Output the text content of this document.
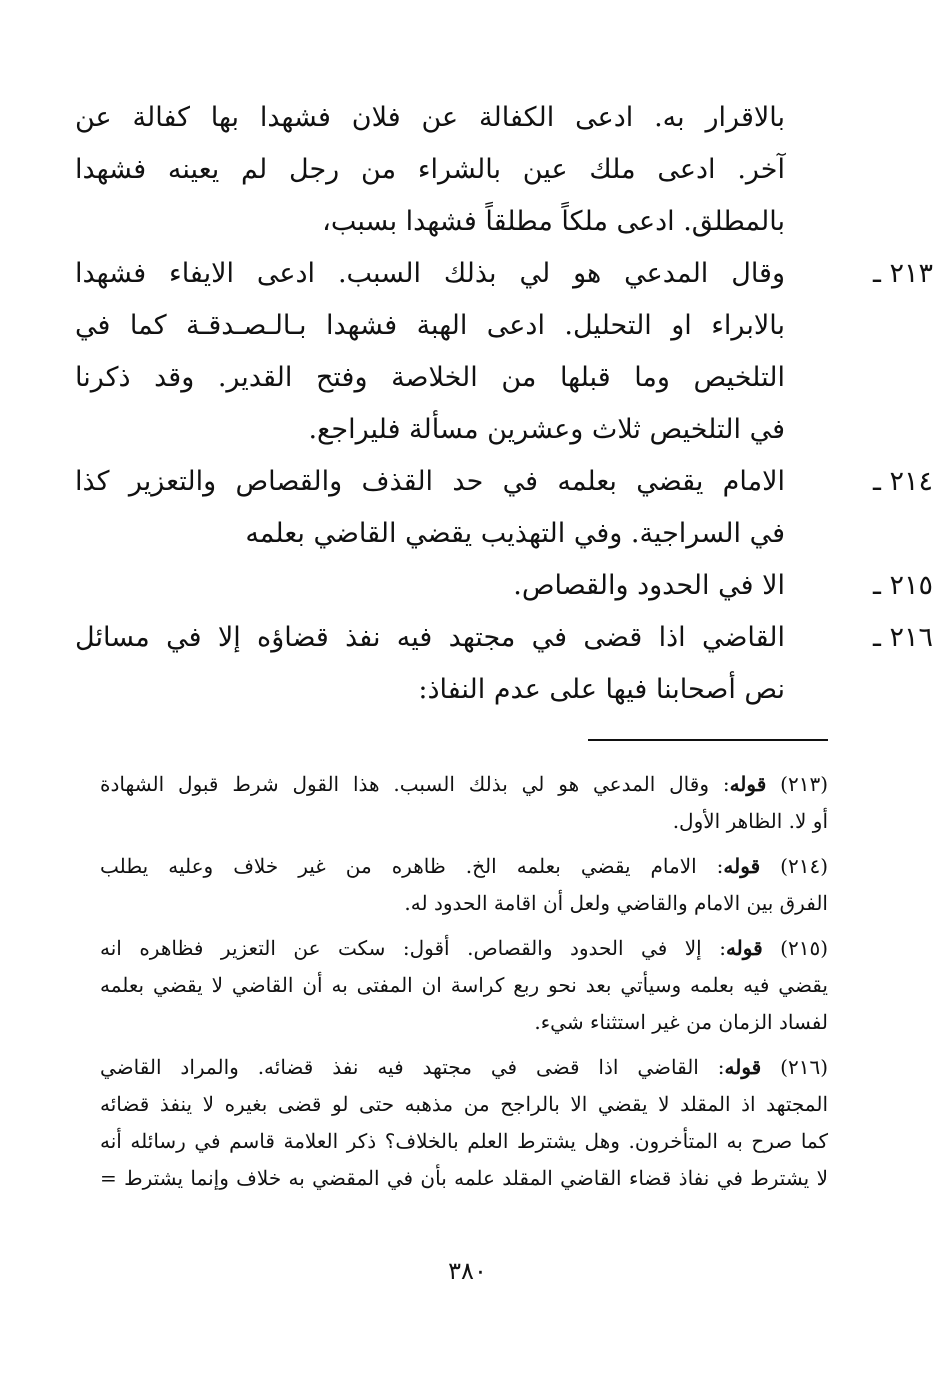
بالاقرار به. ادعى الكفالة عن فلان فشهدا بها كفالة عن
آخر. ادعى ملك عين بالشراء من رجل لم يعينه فشهدا
بالمطلق. ادعى ملكاً مطلقاً فشهدا بسبب،
٢١٣ ـ
وقال المدعي هو لي بذلك السبب. ادعى الايفاء فشهدا
بالابراء او التحليل. ادعى الهبة فشهدا بـالـصـدقـة كما في
التلخيص وما قبلها من الخلاصة وفتح القدير. وقد ذكرنا
في التلخيص ثلاث وعشرين مسألة فليراجع.
٢١٤ ـ
الامام يقضي بعلمه في حد القذف والقصاص والتعزير كذا
في السراجية. وفي التهذيب يقضي القاضي بعلمه
٢١٥ ـ
الا في الحدود والقصاص.
٢١٦ ـ
القاضي اذا قضى في مجتهد فيه نفذ قضاؤه إلا في مسائل
نص أصحابنا فيها على عدم النفاذ:
(٢١٣) قوله: وقال المدعي هو لي بذلك السبب. هذا القول شرط قبول الشهادة
أو لا. الظاهر الأول.
(٢١٤) قوله: الامام يقضي بعلمه الخ. ظاهره من غير خلاف وعليه يطلب
الفرق بين الامام والقاضي ولعل أن اقامة الحدود له.
(٢١٥) قوله: إلا في الحدود والقصاص. أقول: سكت عن التعزير فظاهره انه
يقضي فيه بعلمه وسيأتي بعد نحو ربع كراسة ان المفتى به أن القاضي لا يقضي بعلمه
لفساد الزمان من غير استثناء شيء.
(٢١٦) قوله: القاضي اذا قضى في مجتهد فيه نفذ قضائه. والمراد القاضي
المجتهد اذ المقلد لا يقضي الا بالراجح من مذهبه حتى لو قضى بغيره لا ينفذ قضائه
كما صرح به المتأخرون. وهل يشترط العلم بالخلاف؟ ذكر العلامة قاسم في رسائله أنه
لا يشترط في نفاذ قضاء القاضي المقلد علمه بأن في المقضي به خلاف وإنما يشترط =
٣٨٠
